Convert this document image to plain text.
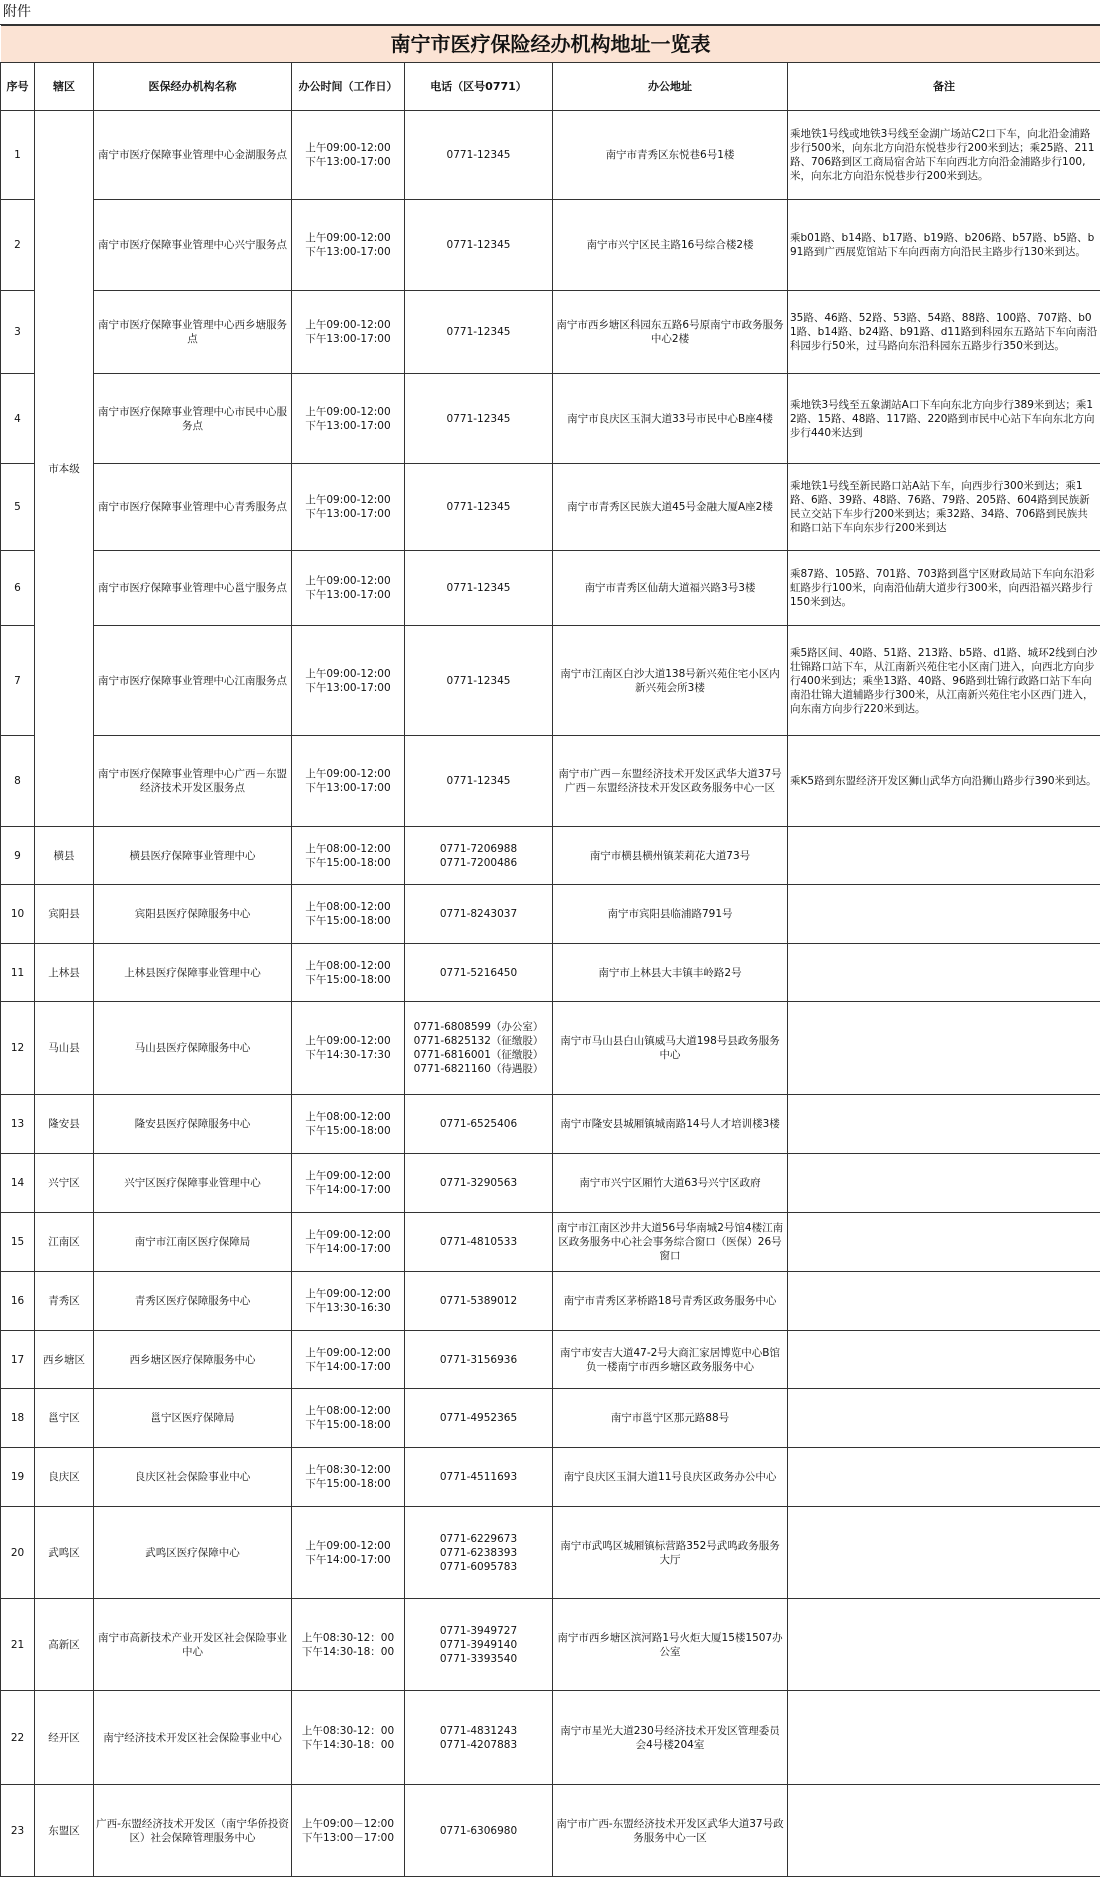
附件
南宁市医疗保险经办机构地址一览表						
序号	辖区	医保经办机构名称	办公时间（工作日）	电话（区号0771）	办公地址	备注
1	市本级	南宁市医疗保障事业管理中心金湖服务点	上午09:00-12:00
下午13:00-17:00	0771-12345	南宁市青秀区东悦巷6号1楼	乘地铁1号线或地铁3号线至金湖广场站C2口下车，向北沿金浦路步行500米，向东北方向沿东悦巷步行200米到达；乘25路、211路、706路到区工商局宿舍站下车向西北方向沿金浦路步行100,米，向东北方向沿东悦巷步行200米到达。
2		南宁市医疗保障事业管理中心兴宁服务点	上午09:00-12:00
下午13:00-17:00	0771-12345	南宁市兴宁区民主路16号综合楼2楼	乘b01路、b14路、b17路、b19路、b206路、b57路、b5路、b91路到广西展览馆站下车向西南方向沿民主路步行130米到达。
3		南宁市医疗保障事业管理中心西乡塘服务点	上午09:00-12:00
下午13:00-17:00	0771-12345	南宁市西乡塘区科园东五路6号原南宁市政务服务中心2楼	35路、46路、52路、53路、54路、88路、100路、707路、b01路、b14路、b24路、b91路、d11路到科园东五路站下车向南沿科园步行50米，过马路向东沿科园东五路步行350米到达。
4		南宁市医疗保障事业管理中心市民中心服务点	上午09:00-12:00
下午13:00-17:00	0771-12345	南宁市良庆区玉洞大道33号市民中心B座4楼	乘地铁3号线至五象湖站A口下车向东北方向步行389米到达；乘12路、15路、48路、117路、220路到市民中心站下车向东北方向步行440米达到
5		南宁市医疗保障事业管理中心青秀服务点	上午09:00-12:00
下午13:00-17:00	0771-12345	南宁市青秀区民族大道45号金融大厦A座2楼	乘地铁1号线至新民路口站A站下车，向西步行300米到达；乘1路、6路、39路、48路、76路、79路、205路、604路到民族新民立交站下车步行200米到达；乘32路、34路、706路到民族共和路口站下车向东步行200米到达
6		南宁市医疗保障事业管理中心邕宁服务点	上午09:00-12:00
下午13:00-17:00	0771-12345	南宁市青秀区仙葫大道福兴路3号3楼	乘87路、105路、701路、703路到邕宁区财政局站下车向东沿彩虹路步行100米，向南沿仙葫大道步行300米，向西沿福兴路步行150米到达。
7		南宁市医疗保障事业管理中心江南服务点	上午09:00-12:00
下午13:00-17:00	0771-12345	南宁市江南区白沙大道138号新兴苑住宅小区内新兴苑会所3楼	乘5路区间、40路、51路、213路、b5路、d1路、城环2线到白沙壮锦路口站下车，从江南新兴苑住宅小区南门进入，向西北方向步行400米到达；乘坐13路、40路、96路到壮锦行政路口站下车向南沿壮锦大道辅路步行300米，从江南新兴苑住宅小区西门进入，向东南方向步行220米到达。
8		南宁市医疗保障事业管理中心广西－东盟经济技术开发区服务点	上午09:00-12:00
下午13:00-17:00	0771-12345	南宁市广西－东盟经济技术开发区武华大道37号广西－东盟经济技术开发区政务服务中心一区	乘K5路到东盟经济开发区狮山武华方向沿狮山路步行390米到达。
9	横县	横县医疗保障事业管理中心	上午08:00-12:00
下午15:00-18:00	0771-7206988
0771-7200486	南宁市横县横州镇茉莉花大道73号	
10	宾阳县	宾阳县医疗保障服务中心	上午08:00-12:00
下午15:00-18:00	0771-8243037	南宁市宾阳县临浦路791号	
11	上林县	上林县医疗保障事业管理中心	上午08:00-12:00
下午15:00-18:00	0771-5216450	南宁市上林县大丰镇丰岭路2号	
12	马山县	马山县医疗保障服务中心	上午09:00-12:00
下午14:30-17:30	0771-6808599（办公室）
0771-6825132（征缴股）
0771-6816001（征缴股）
0771-6821160（待遇股）	南宁市马山县白山镇威马大道198号县政务服务中心	
13	隆安县	隆安县医疗保障服务中心	上午08:00-12:00
下午15:00-18:00	0771-6525406	南宁市隆安县城厢镇城南路14号人才培训楼3楼	
14	兴宁区	兴宁区医疗保障事业管理中心	上午09:00-12:00
下午14:00-17:00	0771-3290563	南宁市兴宁区厢竹大道63号兴宁区政府	
15	江南区	南宁市江南区医疗保障局	上午09:00-12:00
下午14:00-17:00	0771-4810533	南宁市江南区沙井大道56号华南城2号馆4楼江南区政务服务中心社会事务综合窗口（医保）26号窗口	
16	青秀区	青秀区医疗保障服务中心	上午09:00-12:00
下午13:30-16:30	0771-5389012	南宁市青秀区茅桥路18号青秀区政务服务中心	
17	西乡塘区	西乡塘区医疗保障服务中心	上午09:00-12:00
下午14:00-17:00	0771-3156936	南宁市安吉大道47-2号大商汇家居博览中心B馆负一楼南宁市西乡塘区政务服务中心	
18	邕宁区	邕宁区医疗保障局	上午08:00-12:00
下午15:00-18:00	0771-4952365	南宁市邕宁区那元路88号	
19	良庆区	良庆区社会保险事业中心	上午08:30-12:00
下午15:00-18:00	0771-4511693	南宁良庆区玉洞大道11号良庆区政务办公中心	
20	武鸣区	武鸣区医疗保障中心	上午09:00-12:00
下午14:00-17:00	0771-6229673
0771-6238393
0771-6095783	南宁市武鸣区城厢镇标营路352号武鸣政务服务大厅	
21	高新区	南宁市高新技术产业开发区社会保险事业中心	上午08:30-12：00
下午14:30-18：00	0771-3949727
0771-3949140
0771-3393540	南宁市西乡塘区滨河路1号火炬大厦15楼1507办公室	
22	经开区	南宁经济技术开发区社会保险事业中心	上午08:30-12：00
下午14:30-18：00	0771-4831243
0771-4207883	南宁市星光大道230号经济技术开发区管理委员会4号楼204室	
23	东盟区	广西-东盟经济技术开发区（南宁华侨投资区）社会保障管理服务中心	上午09:00－12:00
下午13:00－17:00	0771-6306980	南宁市广西-东盟经济技术开发区武华大道37号政务服务中心一区	
